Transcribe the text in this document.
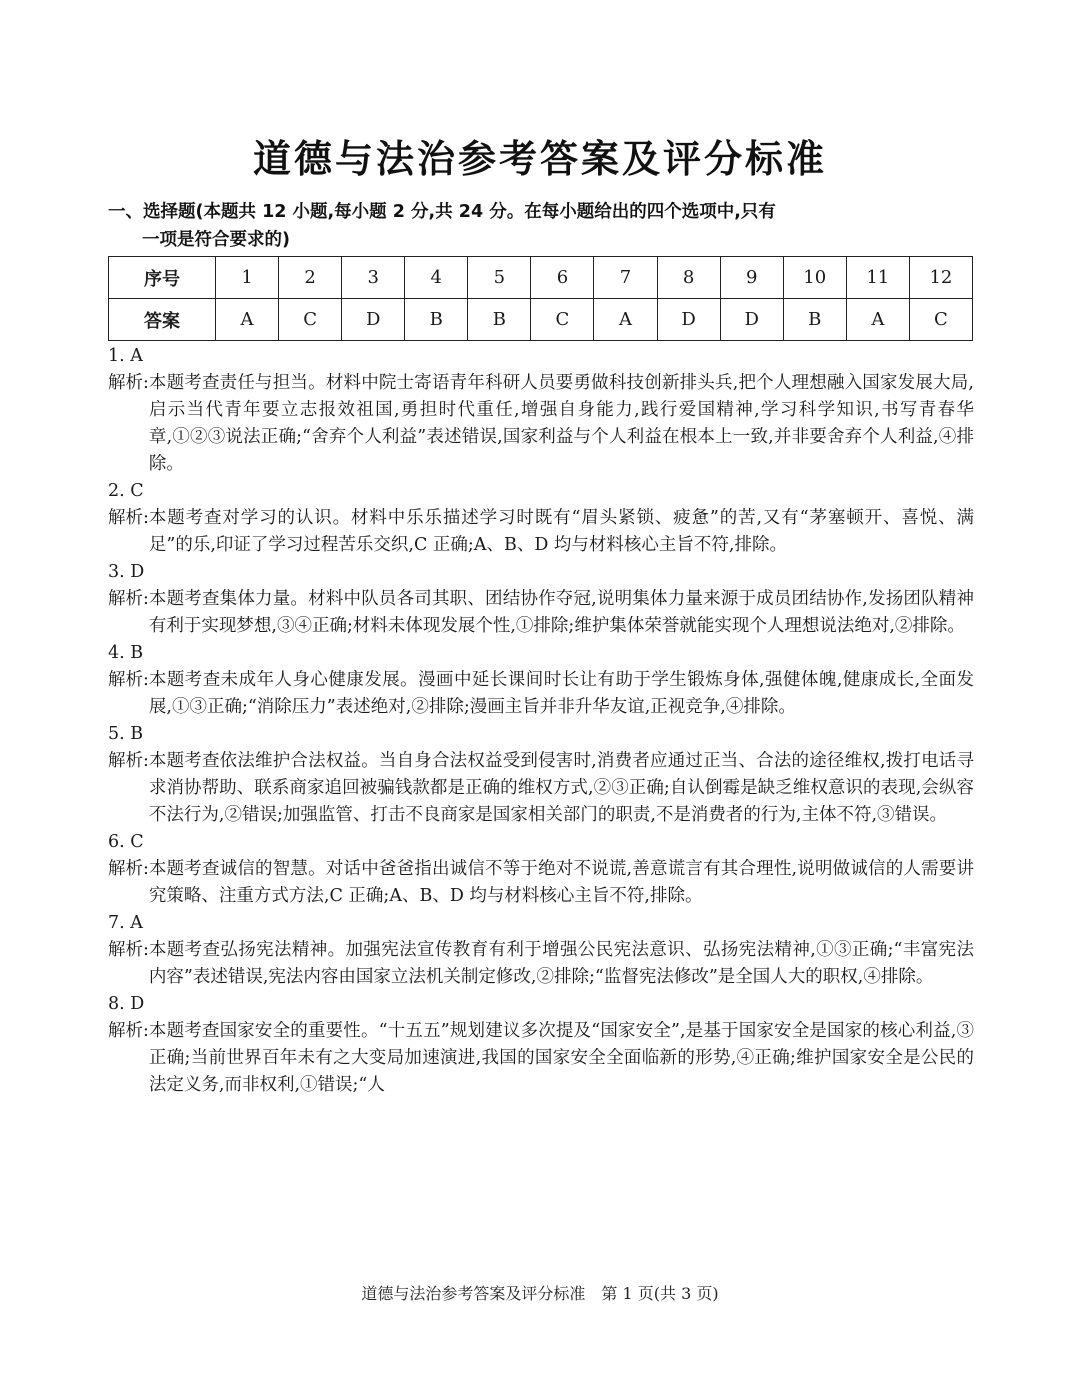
道德与法治参考答案及评分标准
一、选择题(本题共 12 小题,每小题 2 分,共 24 分。在每小题给出的四个选项中,只有
一项是符合要求的)
序号	1	2	3	4	5	6	7	8	9	10	11	12
答案	A	C	D	B	B	C	A	D	D	B	A	C
1. A
解析: 本题考查责任与担当。材料中院士寄语青年科研人员要勇做科技创新排头兵,把个人理想融入国家发展大局,启示当代青年要立志报效祖国,勇担时代重任,增强自身能力,践行爱国精神,学习科学知识,书写青春华章,①②③说法正确;“舍弃个人利益”表述错误,国家利益与个人利益在根本上一致,并非要舍弃个人利益,④排除。
2. C
解析: 本题考查对学习的认识。材料中乐乐描述学习时既有“眉头紧锁、疲惫”的苦,又有“茅塞顿开、喜悦、满足”的乐,印证了学习过程苦乐交织,C 正确;A、B、D 均与材料核心主旨不符,排除。
3. D
解析: 本题考查集体力量。材料中队员各司其职、团结协作夺冠,说明集体力量来源于成员团结协作,发扬团队精神有利于实现梦想,③④正确;材料未体现发展个性,①排除;维护集体荣誉就能实现个人理想说法绝对,②排除。
4. B
解析: 本题考查未成年人身心健康发展。漫画中延长课间时长让有助于学生锻炼身体,强健体魄,健康成长,全面发展,①③正确;“消除压力”表述绝对,②排除;漫画主旨并非升华友谊,正视竞争,④排除。
5. B
解析: 本题考查依法维护合法权益。当自身合法权益受到侵害时,消费者应通过正当、合法的途径维权,拨打电话寻求消协帮助、联系商家追回被骗钱款都是正确的维权方式,②③正确;自认倒霉是缺乏维权意识的表现,会纵容不法行为,②错误;加强监管、打击不良商家是国家相关部门的职责,不是消费者的行为,主体不符,③错误。
6. C
解析: 本题考查诚信的智慧。对话中爸爸指出诚信不等于绝对不说谎,善意谎言有其合理性,说明做诚信的人需要讲究策略、注重方式方法,C 正确;A、B、D 均与材料核心主旨不符,排除。
7. A
解析: 本题考查弘扬宪法精神。加强宪法宣传教育有利于增强公民宪法意识、弘扬宪法精神,①③正确;“丰富宪法内容”表述错误,宪法内容由国家立法机关制定修改,②排除;“监督宪法修改”是全国人大的职权,④排除。
8. D
解析: 本题考查国家安全的重要性。“十五五”规划建议多次提及“国家安全”,是基于国家安全是国家的核心利益,③正确;当前世界百年未有之大变局加速演进,我国的国家安全全面临新的形势,④正确;维护国家安全是公民的法定义务,而非权利,①错误;“人
道德与法治参考答案及评分标准　第 1 页(共 3 页)
